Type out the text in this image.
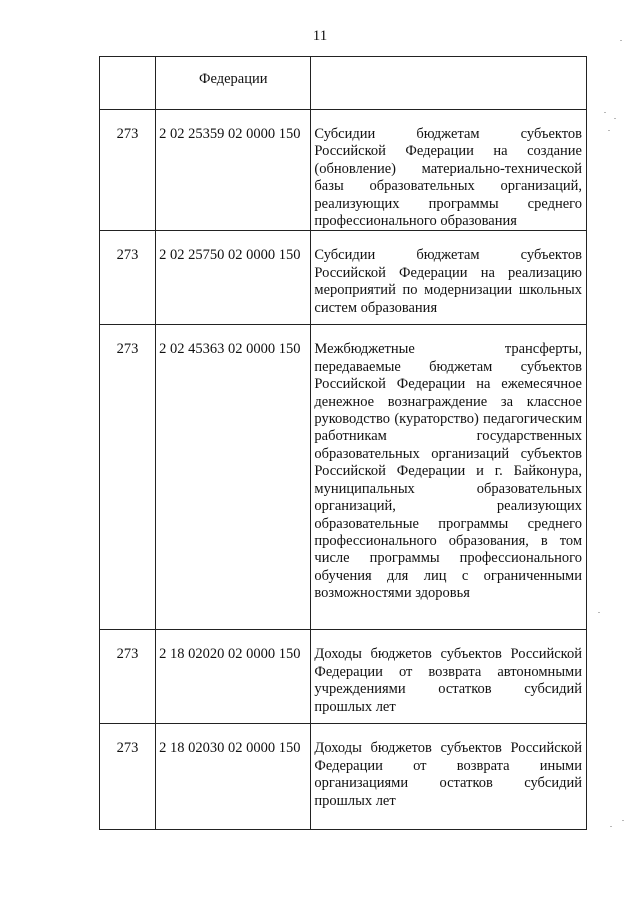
11
	Федерации	
273	2 02 25359 02 0000 150	Субсидии бюджетам субъектов Российской Федерации на создание (обновление) материально-технической базы образовательных организаций, реализующих программы среднего профессионального образования
273	2 02 25750 02 0000 150	Субсидии бюджетам субъектов Российской Федерации на реализацию мероприятий по модернизации школьных систем образования
273	2 02 45363 02 0000 150	Межбюджетные трансферты, передаваемые бюджетам субъектов Российской Федерации на ежемесячное денежное вознаграждение за классное руководство (кураторство) педагогическим работникам государственных образовательных организаций субъектов Российской Федерации и г. Байконура, муниципальных образовательных организаций, реализующих образовательные программы среднего профессионального образования, в том числе программы профессионального обучения для лиц с ограниченными возможностями здоровья
273	2 18 02020 02 0000 150	Доходы бюджетов субъектов Российской Федерации от возврата автономными учреждениями остатков субсидий прошлых лет
273	2 18 02030 02 0000 150	Доходы бюджетов субъектов Российской Федерации от возврата иными организациями остатков субсидий прошлых лет
